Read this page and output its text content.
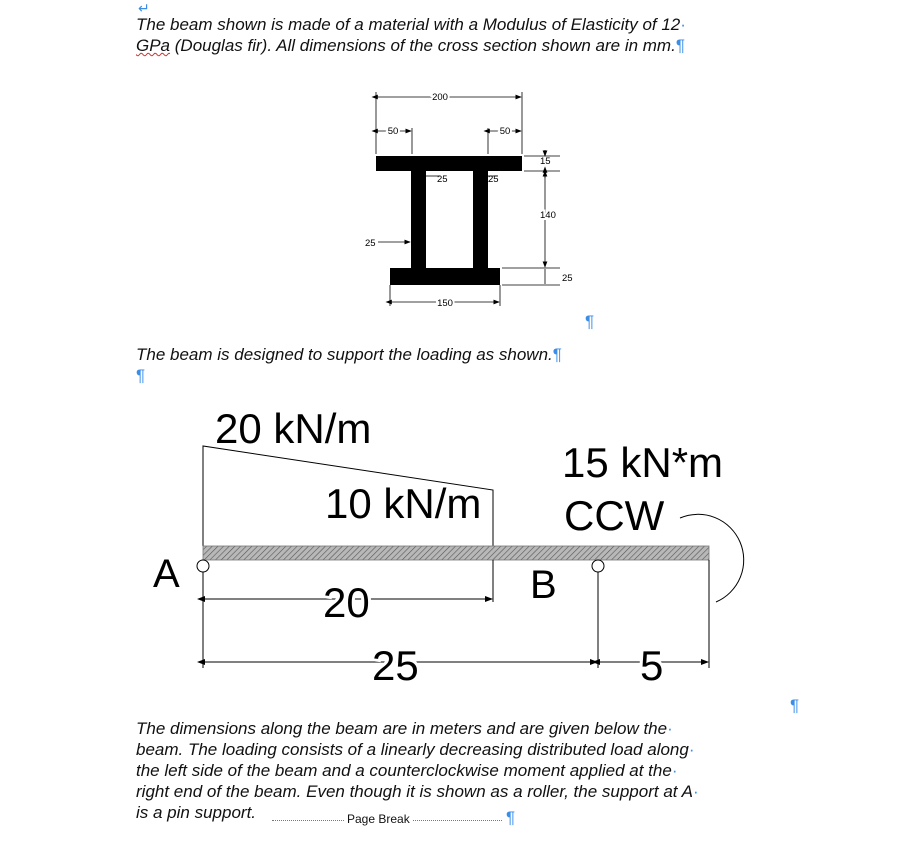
↵
The beam shown is made of a material with a Modulus of Elasticity of 12·
GPa (Douglas fir). All dimensions of the cross section shown are in mm.¶
The beam is designed to support the loading as shown.¶
¶
¶
¶
The dimensions along the beam are in meters and are given below the·
beam. The loading consists of a linearly decreasing distributed load along·
the left side of the beam and a counterclockwise moment applied at the·
right end of the beam. Even though it is shown as a roller, the support at A·
is a pin support.	Page Break	¶
200
50	50
25	25
15
140
25
25
150
20 kN/m
10 kN/m
15 kN*m
CCW
A	B
20
25	5
